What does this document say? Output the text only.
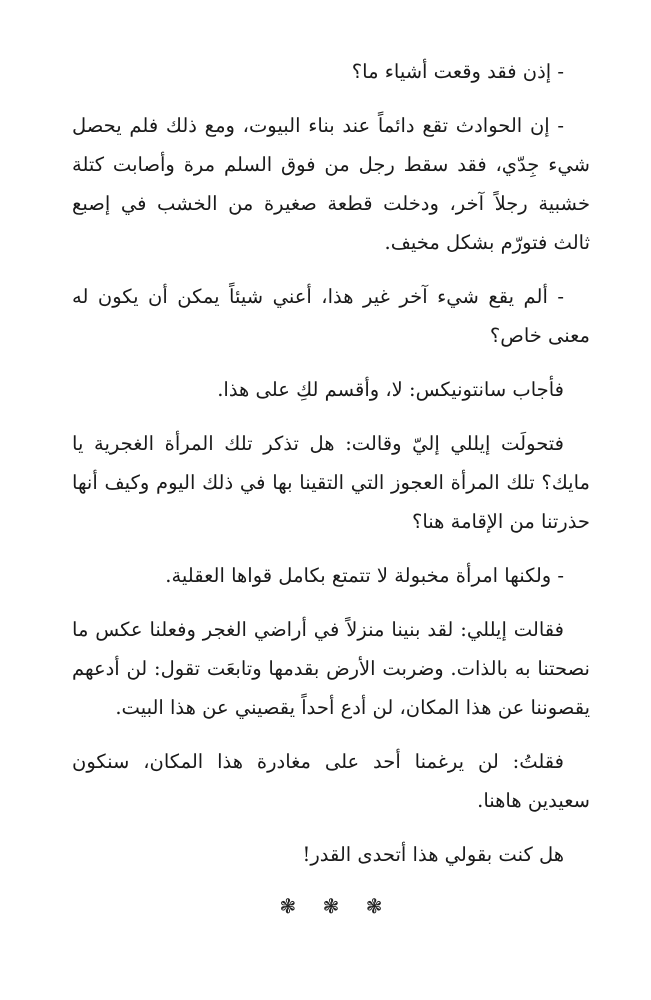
- إذن فقد وقعت أشياء ما؟

- إن الحوادث تقع دائماً عند بناء البيوت، ومع ذلك فلم يحصل شيء جِدّي، فقد سقط رجل من فوق السلم مرة وأصابت كتلة خشبية رجلاً آخر، ودخلت قطعة صغيرة من الخشب في إصبع ثالث فتورّم بشكل مخيف.

- ألم يقع شيء آخر غير هذا، أعني شيئاً يمكن أن يكون له معنى خاص؟

فأجاب سانتونيكس: لا، وأقسم لكِ على هذا.

فتحولَت إيللي إليّ وقالت: هل تذكر تلك المرأة الغجرية يا مايك؟ تلك المرأة العجوز التي التقينا بها في ذلك اليوم وكيف أنها حذرتنا من الإقامة هنا؟

- ولكنها امرأة مخبولة لا تتمتع بكامل قواها العقلية.

فقالت إيللي: لقد بنينا منزلاً في أراضي الغجر وفعلنا عكس ما نصحتنا به بالذات. وضربت الأرض بقدمها وتابعَت تقول: لن أدعهم يقصوننا عن هذا المكان، لن أدع أحداً يقصيني عن هذا البيت.

فقلتُ: لن يرغمنا أحد على مغادرة هذا المكان، سنكون سعيدين هاهنا.

هل كنت بقولي هذا أتحدى القدر!

❃ ❃ ❃
